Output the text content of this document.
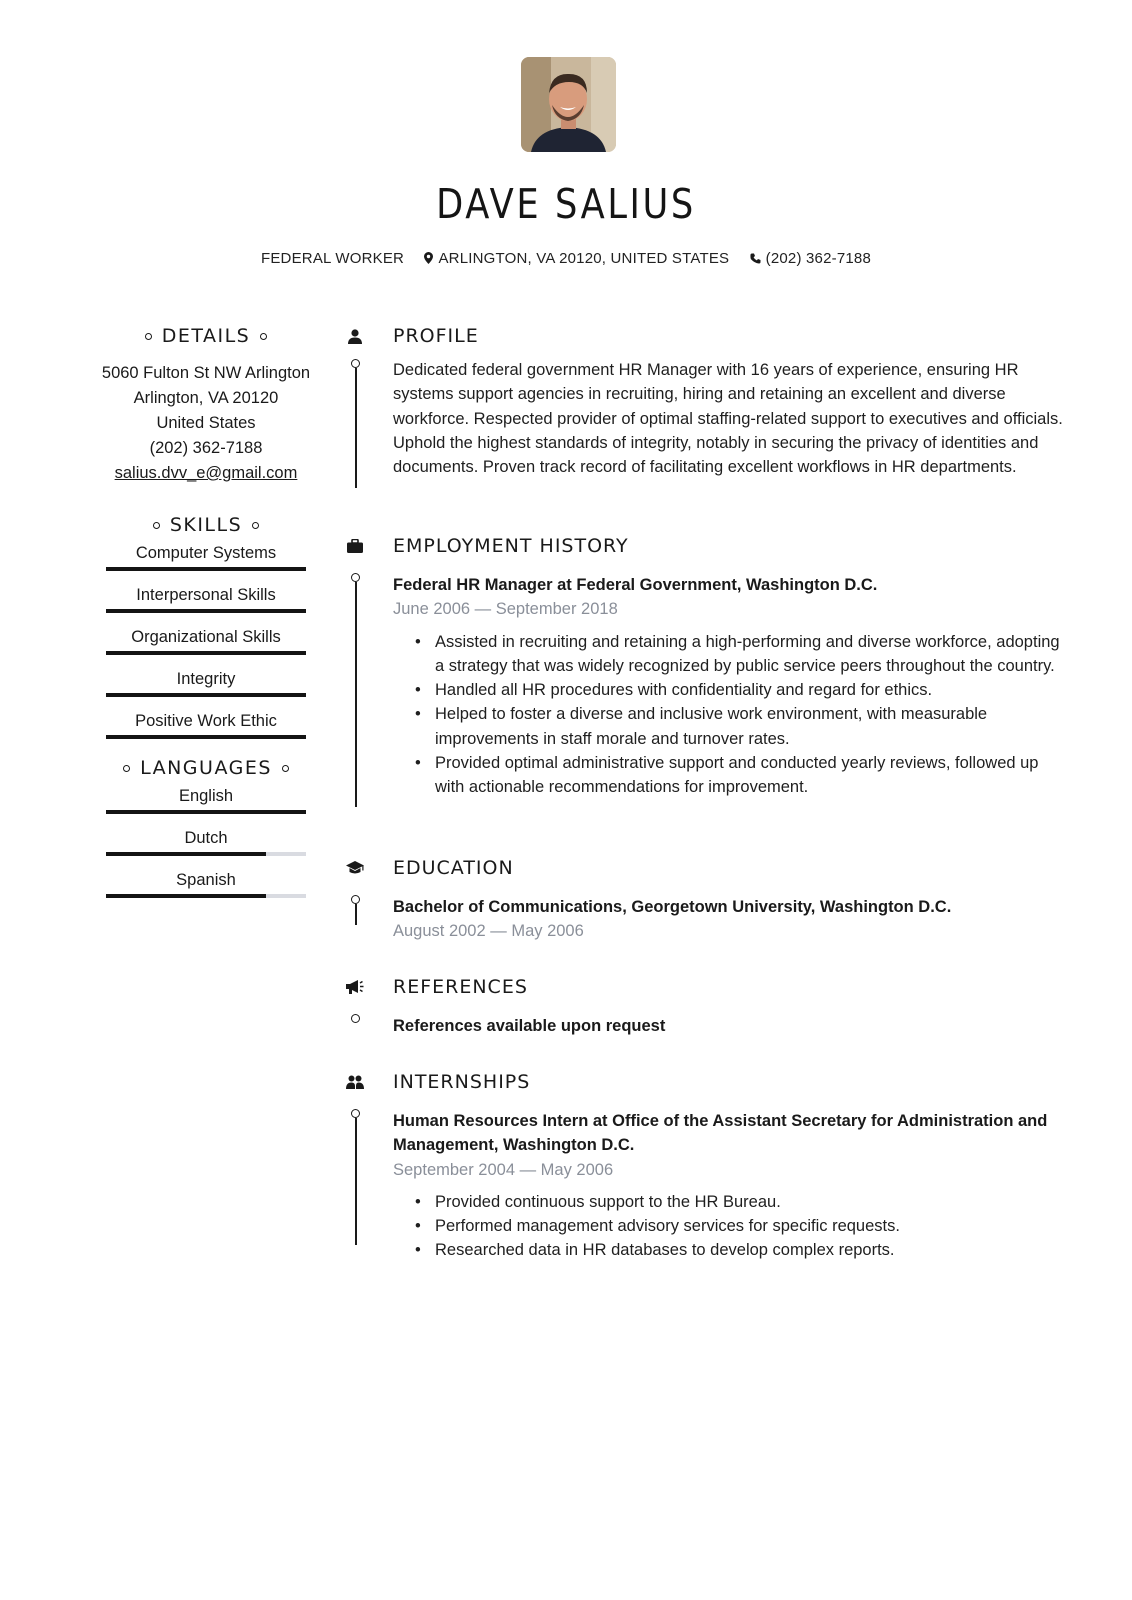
DAVE SALIUS
FEDERAL WORKER ARLINGTON, VA 20120, UNITED STATES (202) 362-7188
DETAILS
5060 Fulton St NW Arlington
Arlington, VA 20120
United States
(202) 362-7188
salius.dvv_e@gmail.com
SKILLS
Computer Systems
Interpersonal Skills
Organizational Skills
Integrity
Positive Work Ethic
LANGUAGES
English
Dutch
Spanish
PROFILE
Dedicated federal government HR Manager with 16 years of experience, ensuring HR systems support agencies in recruiting, hiring and retaining an excellent and diverse workforce. Respected provider of optimal staffing-related support to executives and officials. Uphold the highest standards of integrity, notably in securing the privacy of identities and documents. Proven track record of facilitating excellent workflows in HR departments.
EMPLOYMENT HISTORY
Federal HR Manager at Federal Government, Washington D.C.
June 2006 — September 2018
• Assisted in recruiting and retaining a high-performing and diverse workforce, adopting a strategy that was widely recognized by public service peers throughout the country.
• Handled all HR procedures with confidentiality and regard for ethics.
• Helped to foster a diverse and inclusive work environment, with measurable improvements in staff morale and turnover rates.
• Provided optimal administrative support and conducted yearly reviews, followed up with actionable recommendations for improvement.
EDUCATION
Bachelor of Communications, Georgetown University, Washington D.C.
August 2002 — May 2006
REFERENCES
References available upon request
INTERNSHIPS
Human Resources Intern at Office of the Assistant Secretary for Administration and Management, Washington D.C.
September 2004 — May 2006
• Provided continuous support to the HR Bureau.
• Performed management advisory services for specific requests.
• Researched data in HR databases to develop complex reports.
